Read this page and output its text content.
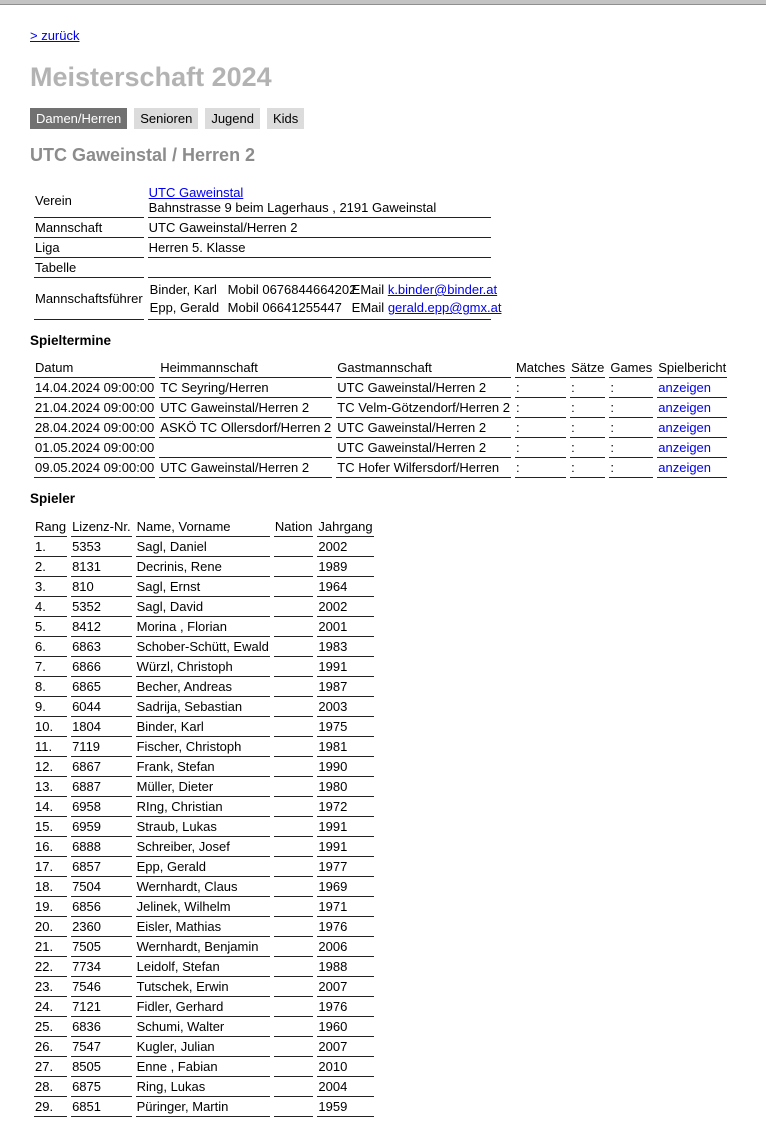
> zurück
Meisterschaft 2024
Damen/Herren Senioren Jugend Kids
UTC Gaweinstal / Herren 2
Verein	UTC Gaweinstal
Bahnstrasse 9 beim Lagerhaus , 2191 Gaweinstal
Mannschaft	UTC Gaweinstal/Herren 2
Liga	Herren 5. Klasse
Tabelle	
Mannschaftsführer	
Binder, Karl	Mobil 0676844664202	EMail k.binder@binder.at
Epp, Gerald	Mobil 06641255447	EMail gerald.epp@gmx.at
Spieltermine
Datum	Heimmannschaft	Gastmannschaft	Matches	Sätze	Games	Spielbericht
14.04.2024 09:00:00	TC Seyring/Herren	UTC Gaweinstal/Herren 2	:	:	:	anzeigen
21.04.2024 09:00:00	UTC Gaweinstal/Herren 2	TC Velm-Götzendorf/Herren 2	:	:	:	anzeigen
28.04.2024 09:00:00	ASKÖ TC Ollersdorf/Herren 2	UTC Gaweinstal/Herren 2	:	:	:	anzeigen
01.05.2024 09:00:00		UTC Gaweinstal/Herren 2	:	:	:	anzeigen
09.05.2024 09:00:00	UTC Gaweinstal/Herren 2	TC Hofer Wilfersdorf/Herren	:	:	:	anzeigen
Spieler
Rang	Lizenz-Nr.	Name, Vorname	Nation	Jahrgang
1.	5353	Sagl, Daniel		2002
2.	8131	Decrinis, Rene		1989
3.	810	Sagl, Ernst		1964
4.	5352	Sagl, David		2002
5.	8412	Morina , Florian		2001
6.	6863	Schober-Schütt, Ewald		1983
7.	6866	Würzl, Christoph		1991
8.	6865	Becher, Andreas		1987
9.	6044	Sadrija, Sebastian		2003
10.	1804	Binder, Karl		1975
11.	7119	Fischer, Christoph		1981
12.	6867	Frank, Stefan		1990
13.	6887	Müller, Dieter		1980
14.	6958	RIng, Christian		1972
15.	6959	Straub, Lukas		1991
16.	6888	Schreiber, Josef		1991
17.	6857	Epp, Gerald		1977
18.	7504	Wernhardt, Claus		1969
19.	6856	Jelinek, Wilhelm		1971
20.	2360	Eisler, Mathias		1976
21.	7505	Wernhardt, Benjamin		2006
22.	7734	Leidolf, Stefan		1988
23.	7546	Tutschek, Erwin		2007
24.	7121	Fidler, Gerhard		1976
25.	6836	Schumi, Walter		1960
26.	7547	Kugler, Julian		2007
27.	8505	Enne , Fabian		2010
28.	6875	Ring, Lukas		2004
29.	6851	Püringer, Martin		1959
